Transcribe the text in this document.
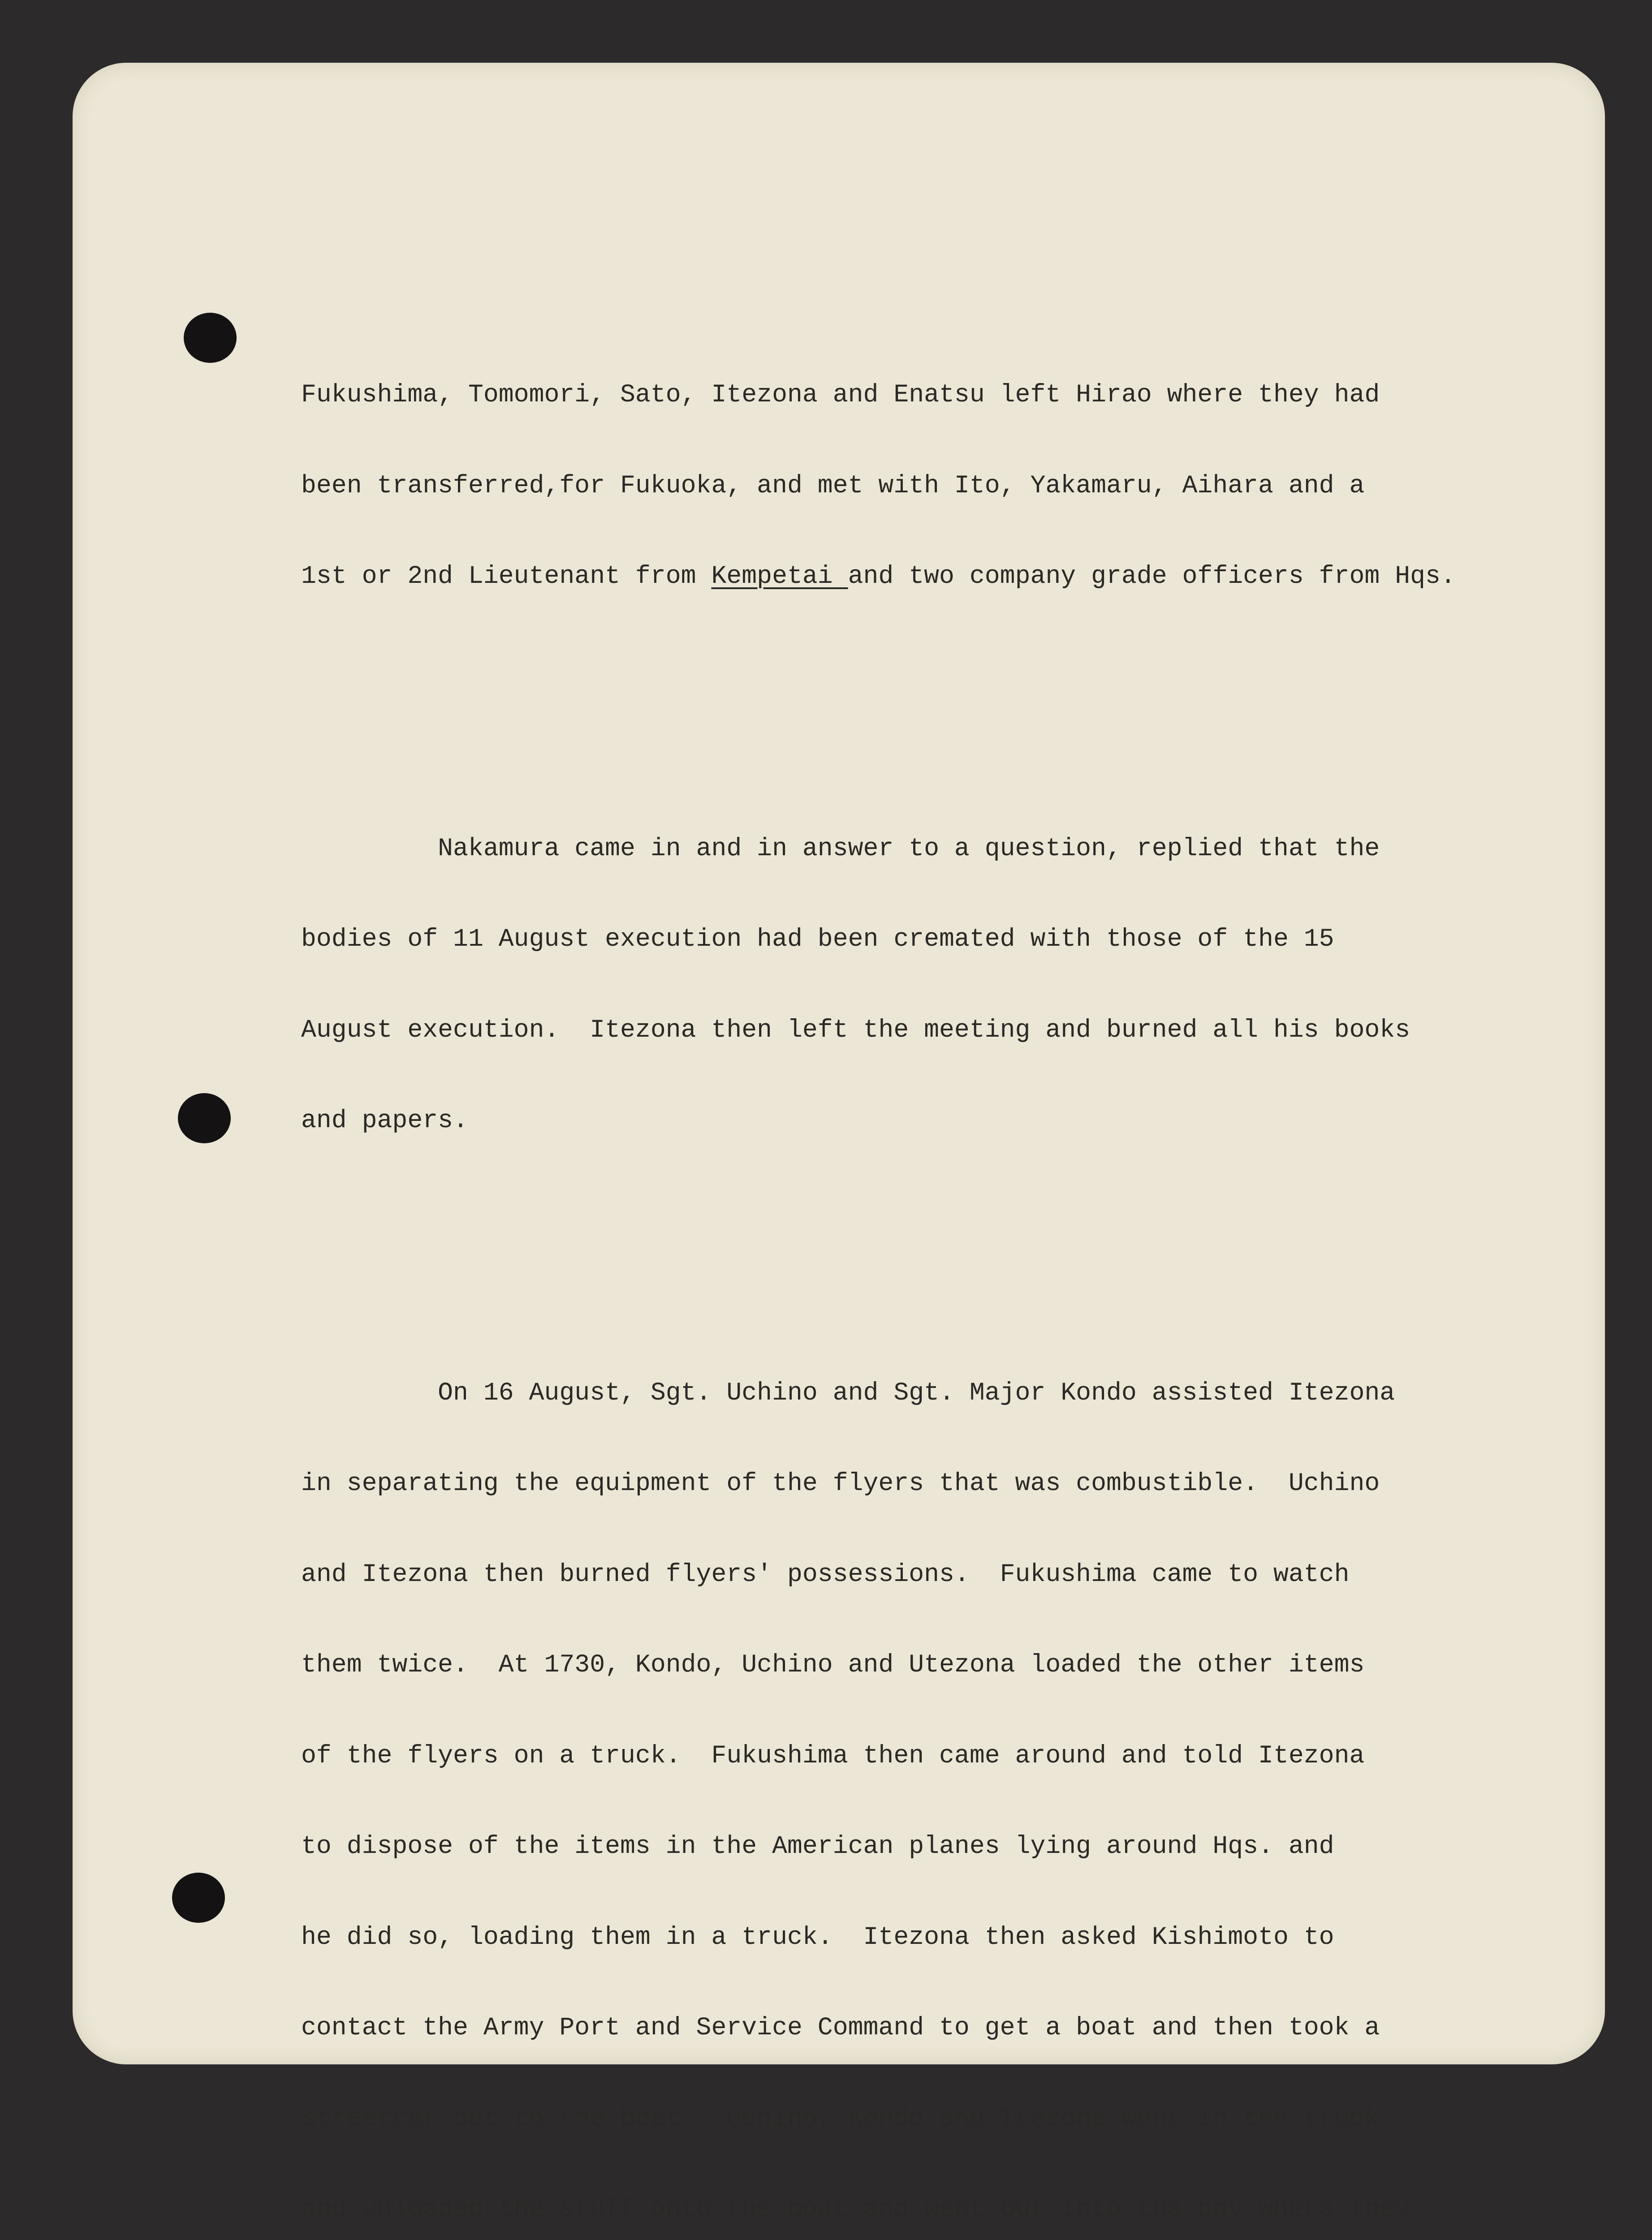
Fukushima, Tomomori, Sato, Itezona and Enatsu left Hirao where they had

been transferred,for Fukuoka, and met with Ito, Yakamaru, Aihara and a

1st or 2nd Lieutenant from Kempetai and two company grade officers from Hqs.

Nakamura came in and in answer to a question, replied that the

bodies of 11 August execution had been cremated with those of the 15

August execution.  Itezona then left the meeting and burned all his books

and papers.

On 16 August, Sgt. Uchino and Sgt. Major Kondo assisted Itezona

in separating the equipment of the flyers that was combustible.  Uchino

and Itezona then burned flyers' possessions.  Fukushima came to watch

them twice.  At 1730, Kondo, Uchino and Utezona loaded the other items

of the flyers on a truck.  Fukushima then came around and told Itezona

to dispose of the items in the American planes lying around Hqs. and

he did so, loading them in a truck.  Itezona then asked Kishimoto to

contact the Army Port and Service Command to get a boat and then took a

streetcar out to the boat.  Uchino, Kondo and Itezona went in the truck

and unloaded the stuff onto the boat and went out into the bay where they
